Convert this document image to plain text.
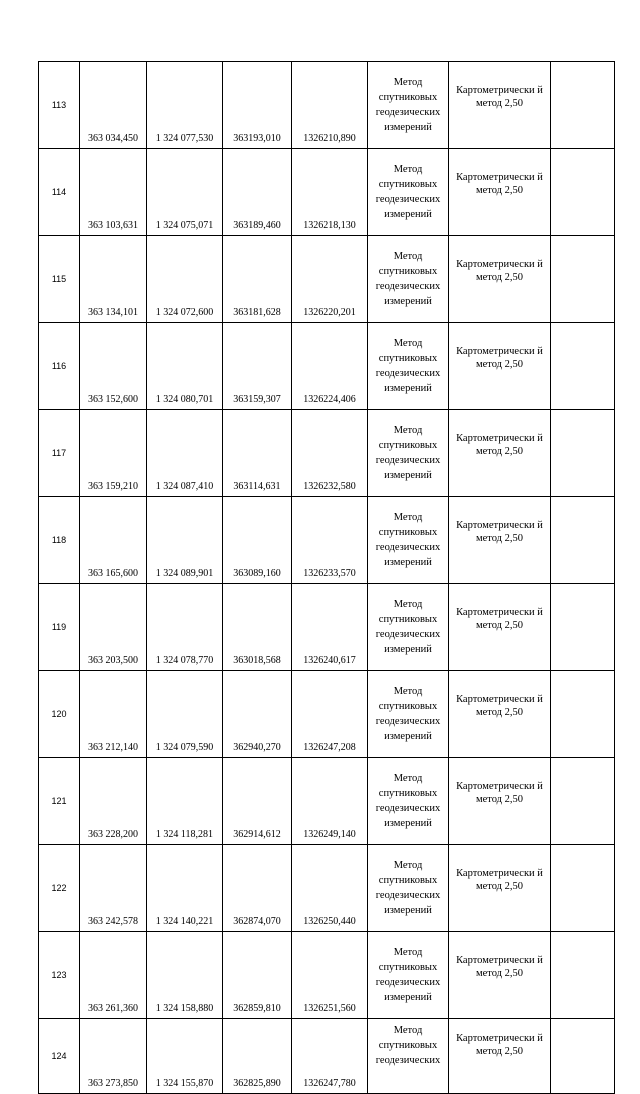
113	363 034,450	1 324 077,530	363193,010	1326210,890	Метод спутниковых геодезических измерений	Картометрически й метод 2,50	
114	363 103,631	1 324 075,071	363189,460	1326218,130	Метод спутниковых геодезических измерений	Картометрически й метод 2,50	
115	363 134,101	1 324 072,600	363181,628	1326220,201	Метод спутниковых геодезических измерений	Картометрически й метод 2,50	
116	363 152,600	1 324 080,701	363159,307	1326224,406	Метод спутниковых геодезических измерений	Картометрически й метод 2,50	
117	363 159,210	1 324 087,410	363114,631	1326232,580	Метод спутниковых геодезических измерений	Картометрически й метод 2,50	
118	363 165,600	1 324 089,901	363089,160	1326233,570	Метод спутниковых геодезических измерений	Картометрически й метод 2,50	
119	363 203,500	1 324 078,770	363018,568	1326240,617	Метод спутниковых геодезических измерений	Картометрически й метод 2,50	
120	363 212,140	1 324 079,590	362940,270	1326247,208	Метод спутниковых геодезических измерений	Картометрически й метод 2,50	
121	363 228,200	1 324 118,281	362914,612	1326249,140	Метод спутниковых геодезических измерений	Картометрически й метод 2,50	
122	363 242,578	1 324 140,221	362874,070	1326250,440	Метод спутниковых геодезических измерений	Картометрически й метод 2,50	
123	363 261,360	1 324 158,880	362859,810	1326251,560	Метод спутниковых геодезических измерений	Картометрически й метод 2,50	
124	363 273,850	1 324 155,870	362825,890	1326247,780	Метод спутниковых геодезических	Картометрически й метод 2,50	
